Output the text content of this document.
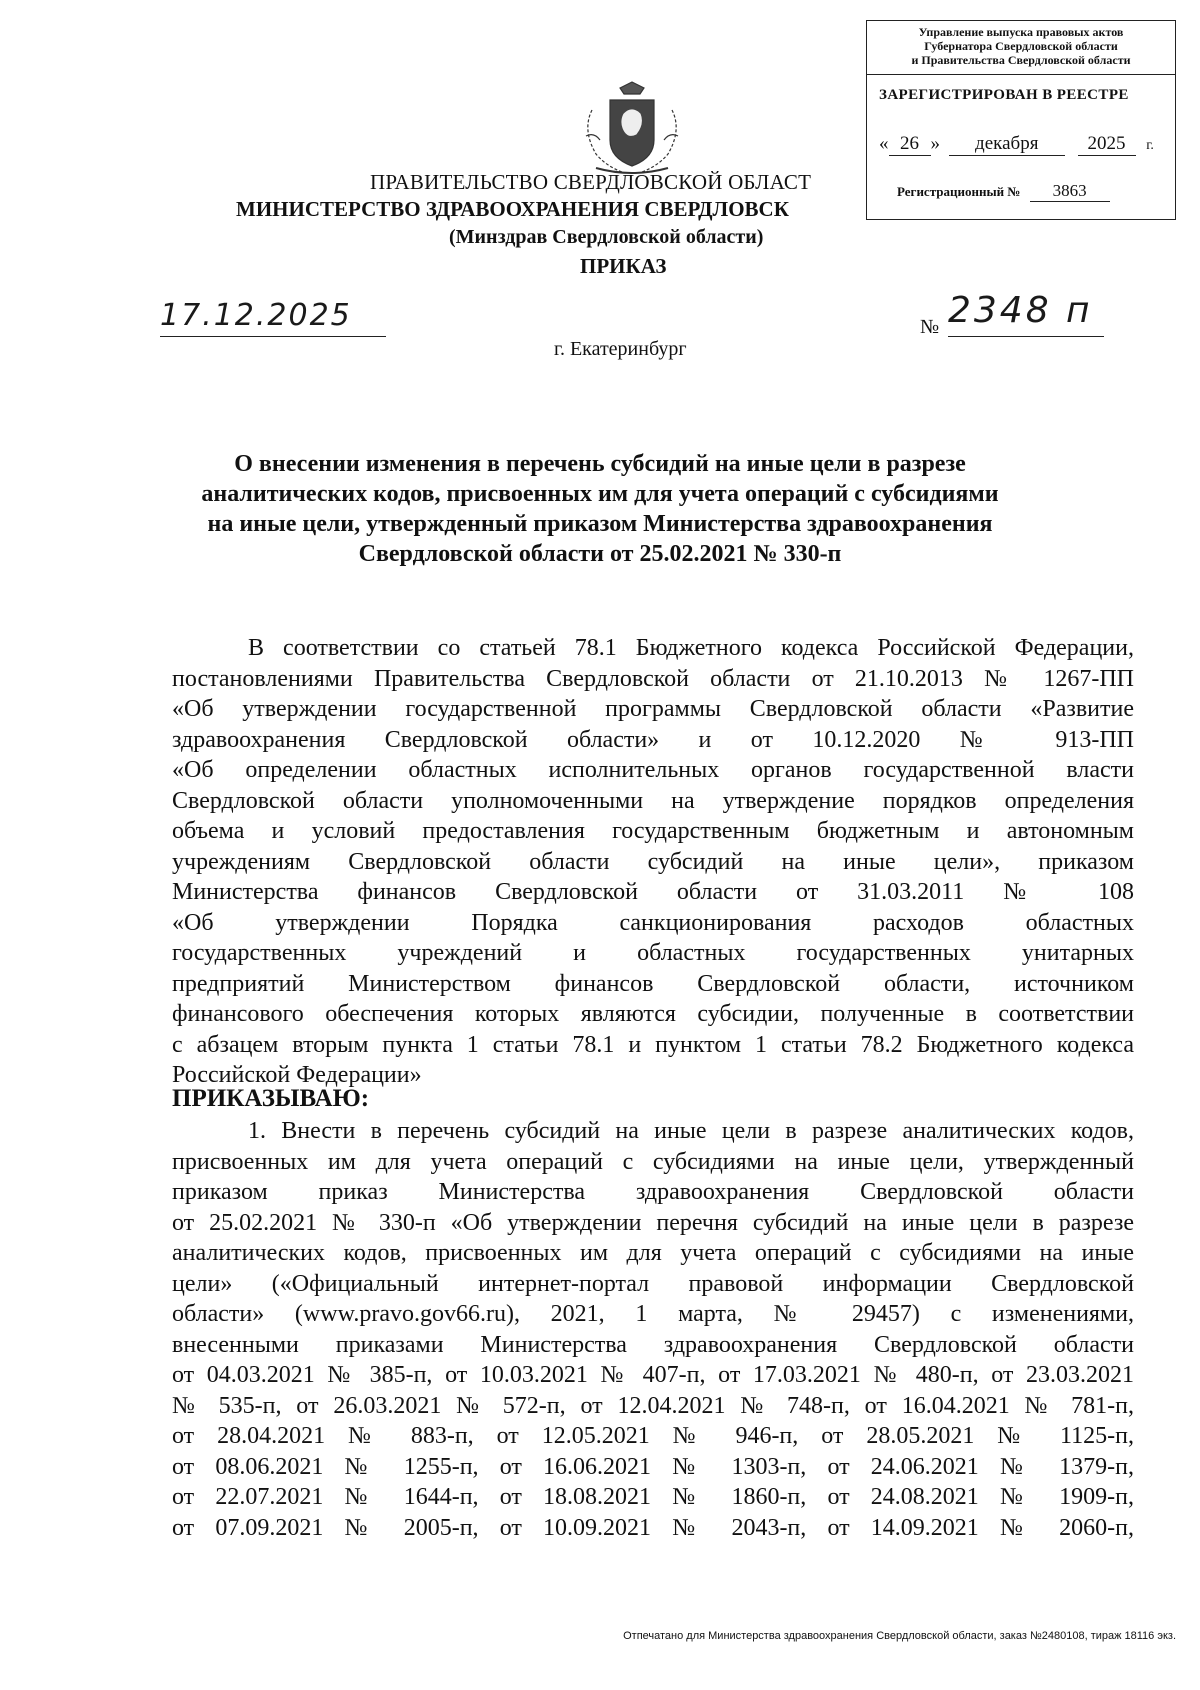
Управление выпуска правовых актов
Губернатора Свердловской области
и Правительства Свердловской области
ЗАРЕГИСТРИРОВАН В РЕЕСТРЕ
« 26 » декабря	2025 г.
Регистрационный № 3863
ПРАВИТЕЛЬСТВО СВЕРДЛОВСКОЙ ОБЛАСТ
МИНИСТЕРСТВО ЗДРАВООХРАНЕНИЯ СВЕРДЛОВСК
(Минздрав Свердловской области)
ПРИКАЗ
17.12.2025	№ 2348 п
г. Екатеринбург
О внесении изменения в перечень субсидий на иные цели в разрезе
аналитических кодов, присвоенных им для учета операций с субсидиями
на иные цели, утвержденный приказом Министерства здравоохранения
Свердловской области от 25.02.2021 № 330-п
В соответствии со статьей 78.1 Бюджетного кодекса Российской Федерации,
постановлениями Правительства Свердловской области от 21.10.2013 № 1267-ПП
«Об утверждении государственной программы Свердловской области «Развитие
здравоохранения Свердловской области» и от 10.12.2020 № 913-ПП
«Об определении областных исполнительных органов государственной власти
Свердловской области уполномоченными на утверждение порядков определения
объема и условий предоставления государственным бюджетным и автономным
учреждениям Свердловской области субсидий на иные цели», приказом
Министерства финансов Свердловской области от 31.03.2011 № 108
«Об утверждении Порядка санкционирования расходов областных
государственных учреждений и областных государственных унитарных
предприятий Министерством финансов Свердловской области, источником
финансового обеспечения которых являются субсидии, полученные в соответствии
с абзацем вторым пункта 1 статьи 78.1 и пунктом 1 статьи 78.2 Бюджетного кодекса
Российской Федерации»
ПРИКАЗЫВАЮ:
1. Внести в перечень субсидий на иные цели в разрезе аналитических кодов,
присвоенных им для учета операций с субсидиями на иные цели, утвержденный
приказом приказ Министерства здравоохранения Свердловской области
от 25.02.2021 № 330-п «Об утверждении перечня субсидий на иные цели в разрезе
аналитических кодов, присвоенных им для учета операций с субсидиями на иные
цели» («Официальный интернет-портал правовой информации Свердловской
области» (www.pravo.gov66.ru), 2021, 1 марта, № 29457) с изменениями,
внесенными приказами Министерства здравоохранения Свердловской области
от 04.03.2021 № 385-п, от 10.03.2021 № 407-п, от 17.03.2021 № 480-п, от 23.03.2021
№ 535-п, от 26.03.2021 № 572-п, от 12.04.2021 № 748-п, от 16.04.2021 № 781-п,
от 28.04.2021 № 883-п, от 12.05.2021 № 946-п, от 28.05.2021 № 1125-п,
от 08.06.2021 № 1255-п, от 16.06.2021 № 1303-п, от 24.06.2021 № 1379-п,
от 22.07.2021 № 1644-п, от 18.08.2021 № 1860-п, от 24.08.2021 № 1909-п,
от 07.09.2021 № 2005-п, от 10.09.2021 № 2043-п, от 14.09.2021 № 2060-п,
Отпечатано для Министерства здравоохранения Свердловской области, заказ №2480108, тираж 18116 экз.
